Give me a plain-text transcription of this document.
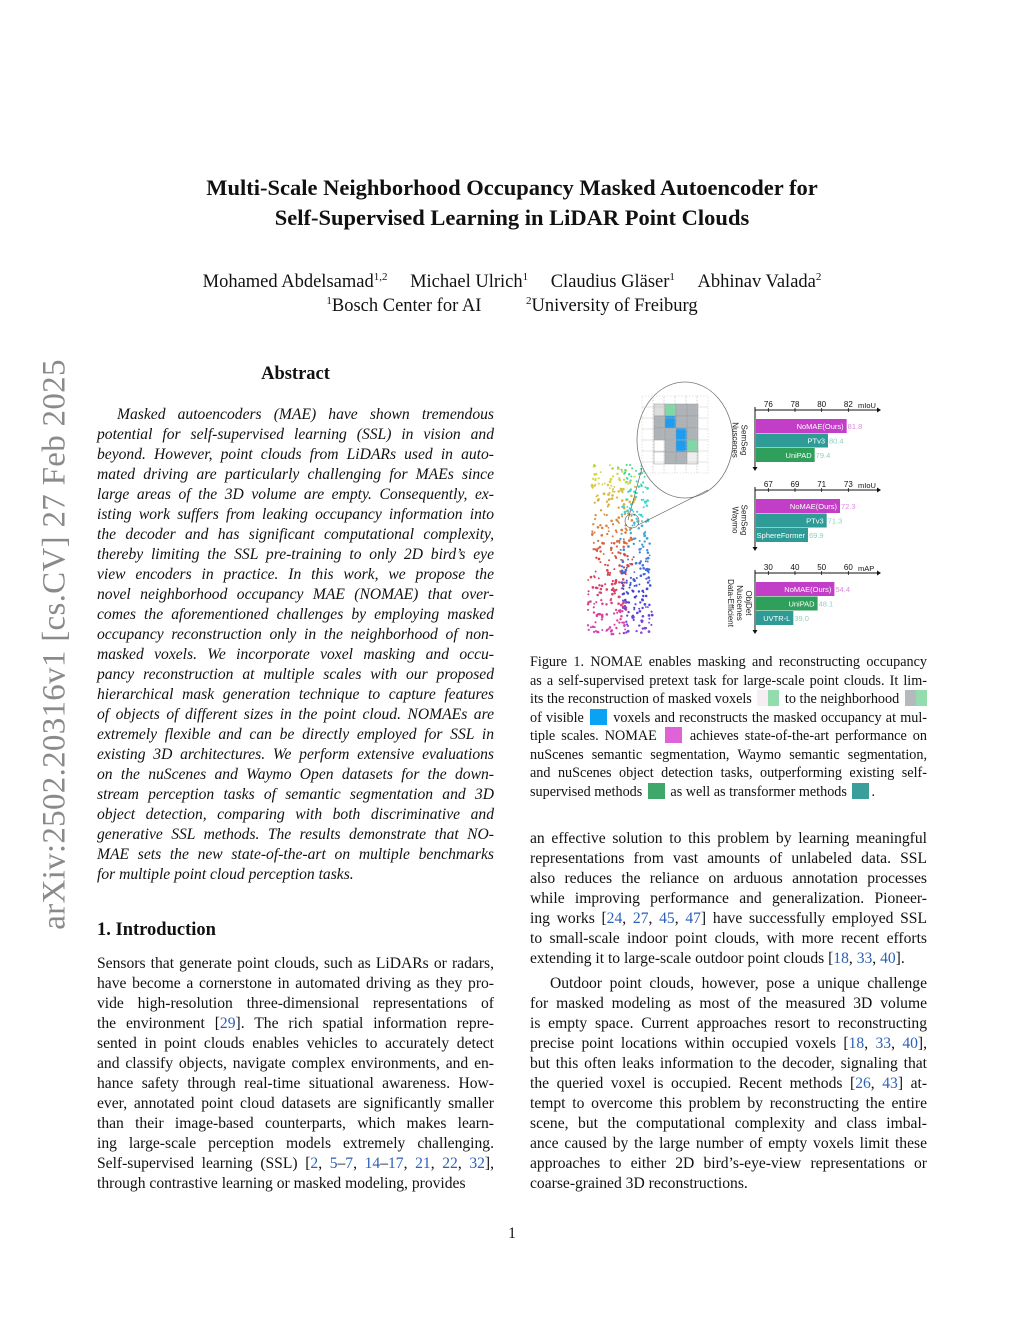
arXiv:2502.20316v1 [cs.CV] 27 Feb 2025
Multi-Scale Neighborhood Occupancy Masked Autoencoder for
Self-Supervised Learning in LiDAR Point Clouds
Mohamed Abdelsamad$^{1,2}$ Michael Ulrich$^1$ Claudius Gläser$^1$ Abhinav Valada$^2$
$^1$Bosch Center for AI	$^2$University of Freiburg
Abstract
Masked autoencoders (MAE) have shown tremendous
potential for self-supervised learning (SSL) in vision and
beyond. However, point clouds from LiDARs used in auto-
mated driving are particularly challenging for MAEs since
large areas of the 3D volume are empty. Consequently, ex-
isting work suffers from leaking occupancy information into
the decoder and has significant computational complexity,
thereby limiting the SSL pre-training to only 2D bird’s eye
view encoders in practice. In this work, we propose the
novel neighborhood occupancy MAE (NOMAE) that over-
comes the aforementioned challenges by employing masked
occupancy reconstruction only in the neighborhood of non-
masked voxels. We incorporate voxel masking and occu-
pancy reconstruction at multiple scales with our proposed
hierarchical mask generation technique to capture features
of objects of different sizes in the point cloud. NOMAEs are
extremely flexible and can be directly employed for SSL in
existing 3D architectures. We perform extensive evaluations
on the nuScenes and Waymo Open datasets for the down-
stream perception tasks of semantic segmentation and 3D
object detection, comparing with both discriminative and
generative SSL methods. The results demonstrate that NO-
MAE sets the new state-of-the-art on multiple benchmarks
for multiple point cloud perception tasks.
1. Introduction
Sensors that generate point clouds, such as LiDARs or radars,
have become a cornerstone in automated driving as they pro-
vide high-resolution three-dimensional representations of
the environment [29]. The rich spatial information repre-
sented in point clouds enables vehicles to accurately detect
and classify objects, navigate complex environments, and en-
hance safety through real-time situational awareness. How-
ever, annotated point cloud datasets are significantly smaller
than their image-based counterparts, which makes learn-
ing large-scale perception models extremely challenging.
Self-supervised learning (SSL) [2, 5–7, 14–17, 21, 22, 32],
through contrastive learning or masked modeling, provides
76 78 80 82 mIoU
Nuscenes SemSeg	NoMAE(Ours) 81.8
PTv3 80.4
UniPAD 79.4
67 69 71 73 mIoU
Waymo SemSeg	NoMAE(Ours) 72.3
PTv3 71.3
SphereFormer 69.9
30 40 50 60 mAP
Data-Efficient Nuscenes ObjDet
NoMAE(Ours) 54.4
UniPAD 48.1
UVTR-L 39.0
Figure 1. NOMAE enables masking and reconstructing occupancy
as a self-supervised pretext task for large-scale point clouds. It lim-
its the reconstruction of masked voxels  to the neighborhood
of visible  voxels and reconstructs the masked occupancy at mul-
tiple scales. NOMAE  achieves state-of-the-art performance on
nuScenes semantic segmentation, Waymo semantic segmentation,
and nuScenes object detection tasks, outperforming existing self-
supervised methods  as well as transformer methods .
an effective solution to this problem by learning meaningful
representations from vast amounts of unlabeled data. SSL
also reduces the reliance on arduous annotation processes
while improving performance and generalization. Pioneer-
ing works [24, 27, 45, 47] have successfully employed SSL
to small-scale indoor point clouds, with more recent efforts
extending it to large-scale outdoor point clouds [18, 33, 40].
Outdoor point clouds, however, pose a unique challenge
for masked modeling as most of the measured 3D volume
is empty space. Current approaches resort to reconstructing
precise point locations within occupied voxels [18, 33, 40],
but this often leaks information to the decoder, signaling that
the queried voxel is occupied. Recent methods [26, 43] at-
tempt to overcome this problem by reconstructing the entire
scene, but the computational complexity and class imbal-
ance caused by the large number of empty voxels limit these
approaches to either 2D bird’s-eye-view representations or
coarse-grained 3D reconstructions.
1
